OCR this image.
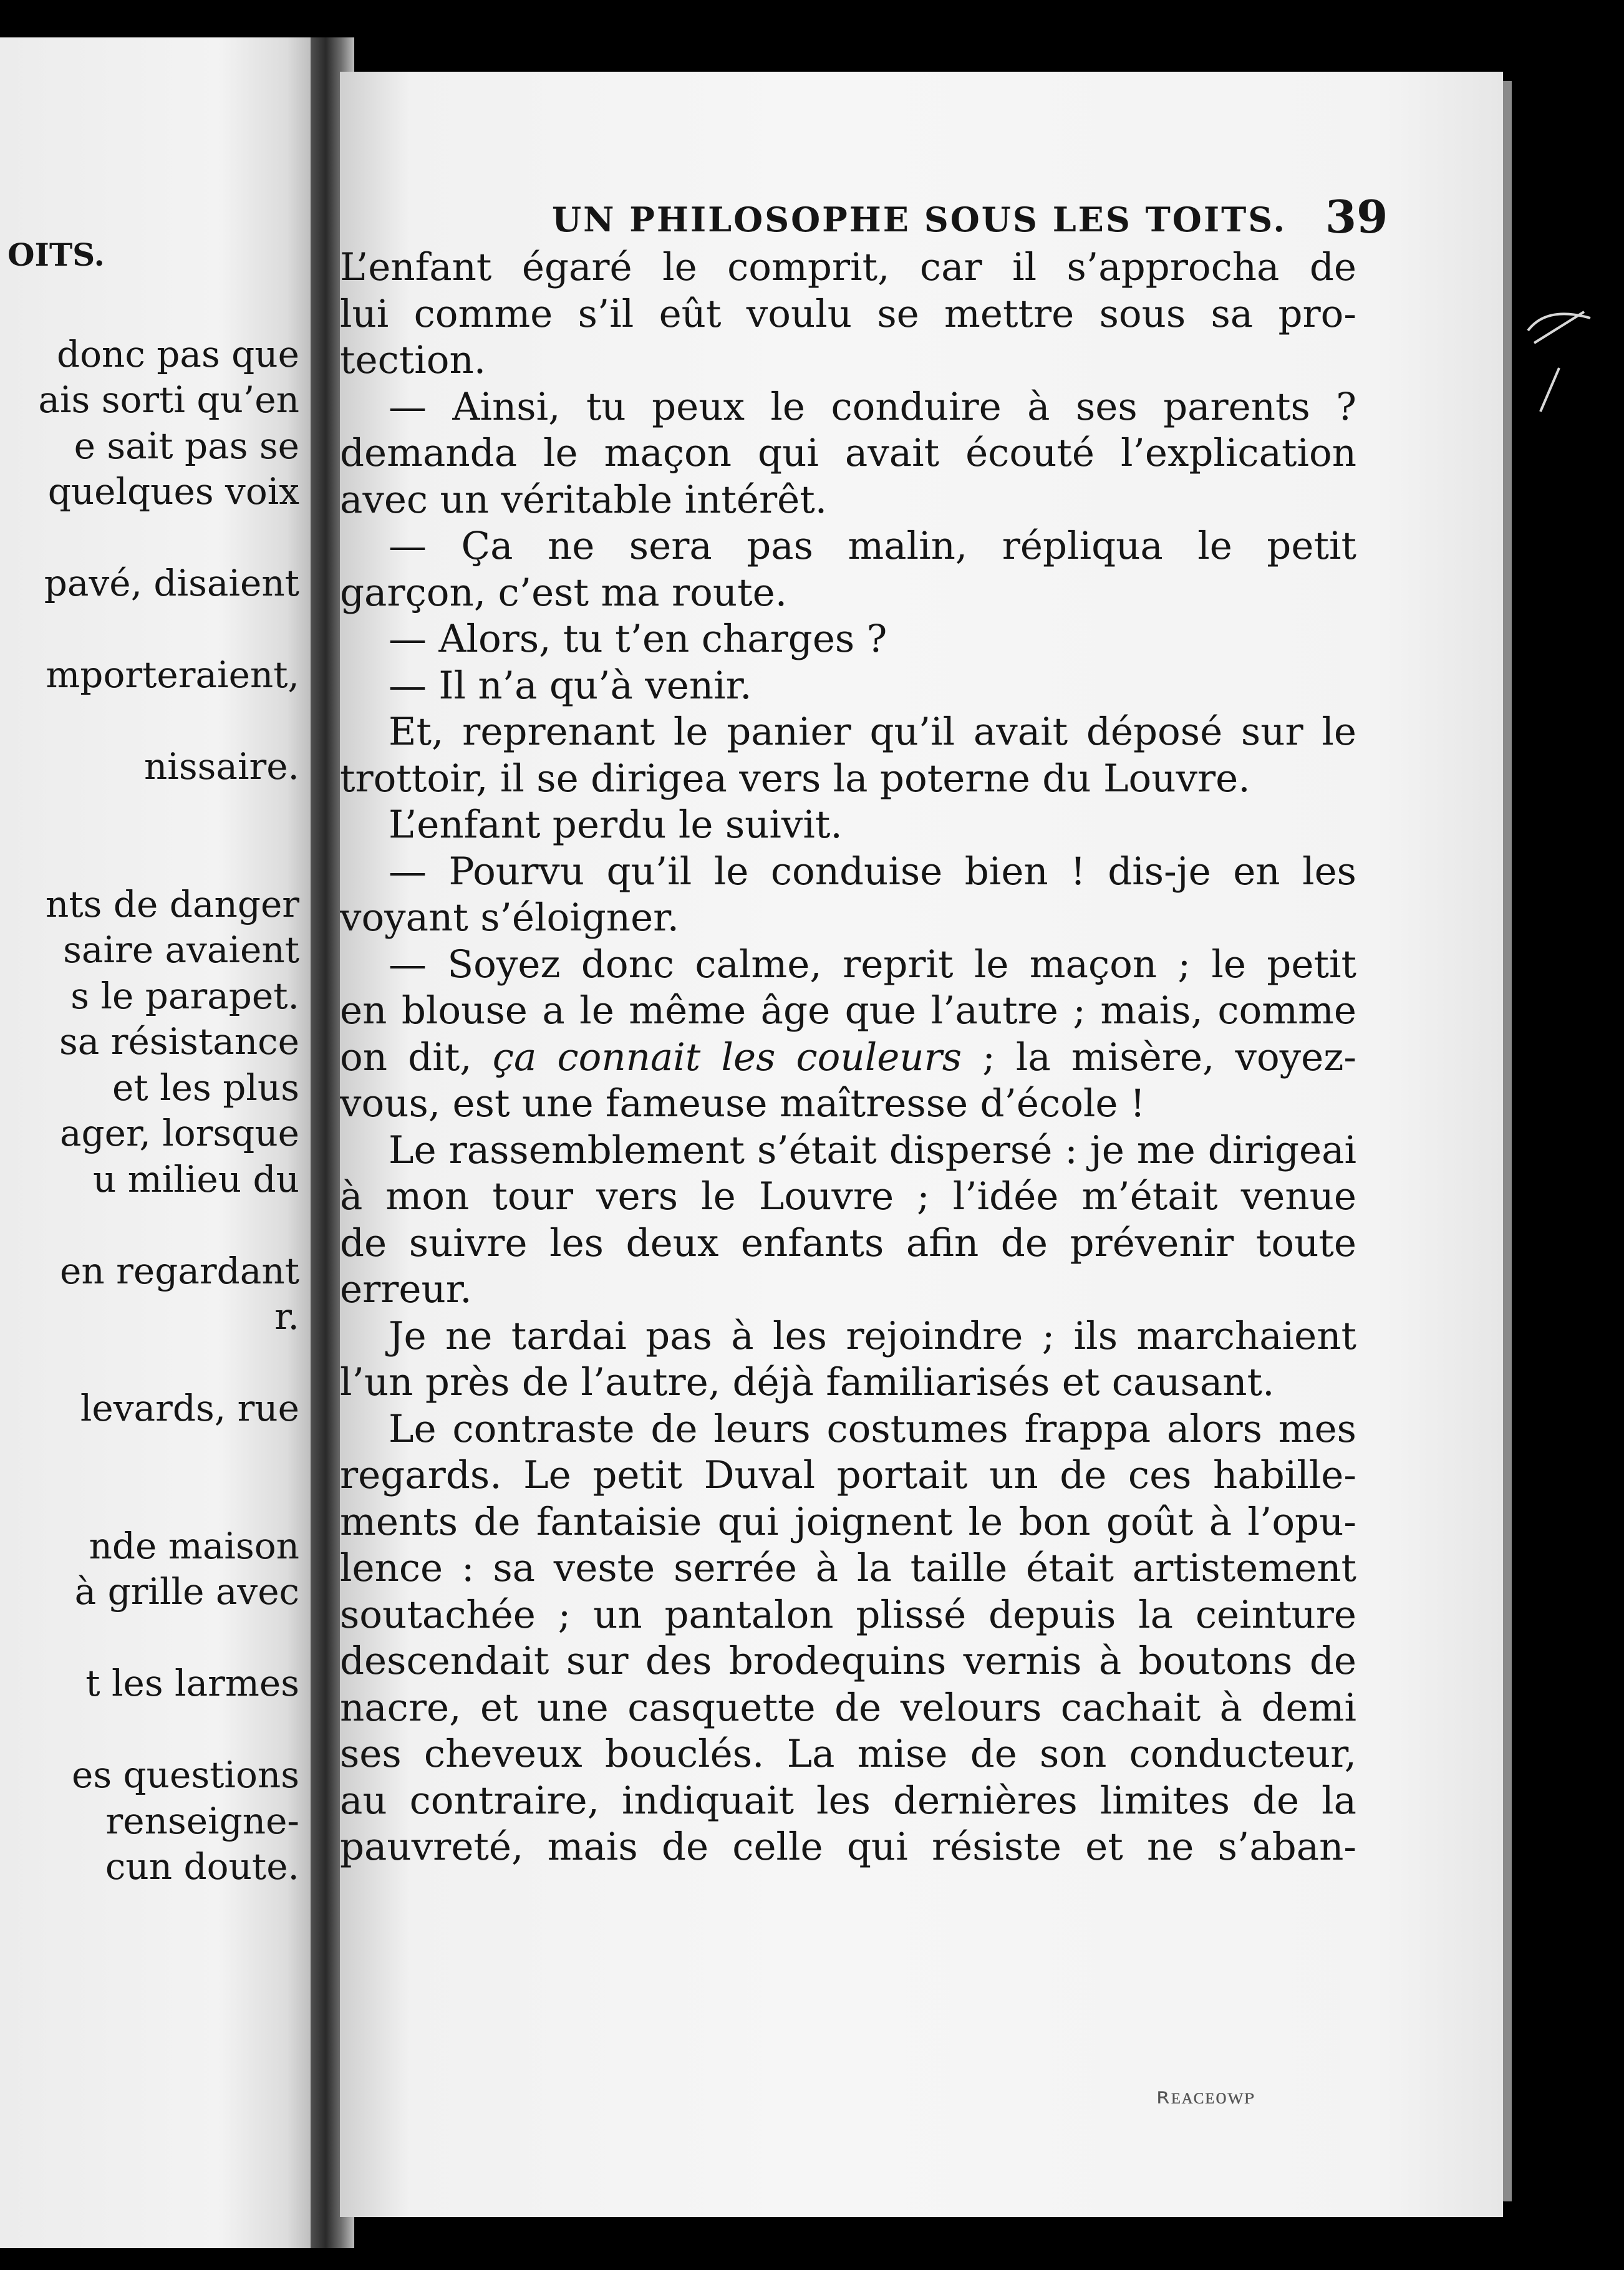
OITS.
donc pas que
ais sorti qu’en
e sait pas se
quelques voix
pavé, disaient
mporteraient,
nissaire.
nts de danger
saire avaient
s le parapet.
sa résistance
et les plus
ager, lorsque
u milieu du
en regardant
r.
levards, rue
nde maison
à grille avec
t les larmes
es questions
renseigne-
cun doute.
UN PHILOSOPHE SOUS LES TOITS. 39
L’enfant égaré le comprit, car il s’approcha de
lui comme s’il eût voulu se mettre sous sa pro-
tection.
— Ainsi, tu peux le conduire à ses parents ?
demanda le maçon qui avait écouté l’explication
avec un véritable intérêt.
— Ça ne sera pas malin, répliqua le petit
garçon, c’est ma route.
— Alors, tu t’en charges ?
— Il n’a qu’à venir.
Et, reprenant le panier qu’il avait déposé sur le
trottoir, il se dirigea vers la poterne du Louvre.
L’enfant perdu le suivit.
— Pourvu qu’il le conduise bien ! dis-je en les
voyant s’éloigner.
— Soyez donc calme, reprit le maçon ; le petit
en blouse a le même âge que l’autre ; mais, comme
on dit, ça connait les couleurs ; la misère, voyez-
vous, est une fameuse maîtresse d’école !
Le rassemblement s’était dispersé : je me dirigeai
à mon tour vers le Louvre ; l’idée m’était venue
de suivre les deux enfants afin de prévenir toute
erreur.
Je ne tardai pas à les rejoindre ; ils marchaient
l’un près de l’autre, déjà familiarisés et causant.
Le contraste de leurs costumes frappa alors mes
regards. Le petit Duval portait un de ces habille-
ments de fantaisie qui joignent le bon goût à l’opu-
lence : sa veste serrée à la taille était artistement
soutachée ; un pantalon plissé depuis la ceinture
descendait sur des brodequins vernis à boutons de
nacre, et une casquette de velours cachait à demi
ses cheveux bouclés. La mise de son conducteur,
au contraire, indiquait les dernières limites de la
pauvreté, mais de celle qui résiste et ne s’aban-
ʀᴇᴀᴄᴇᴏᴡᴘ
